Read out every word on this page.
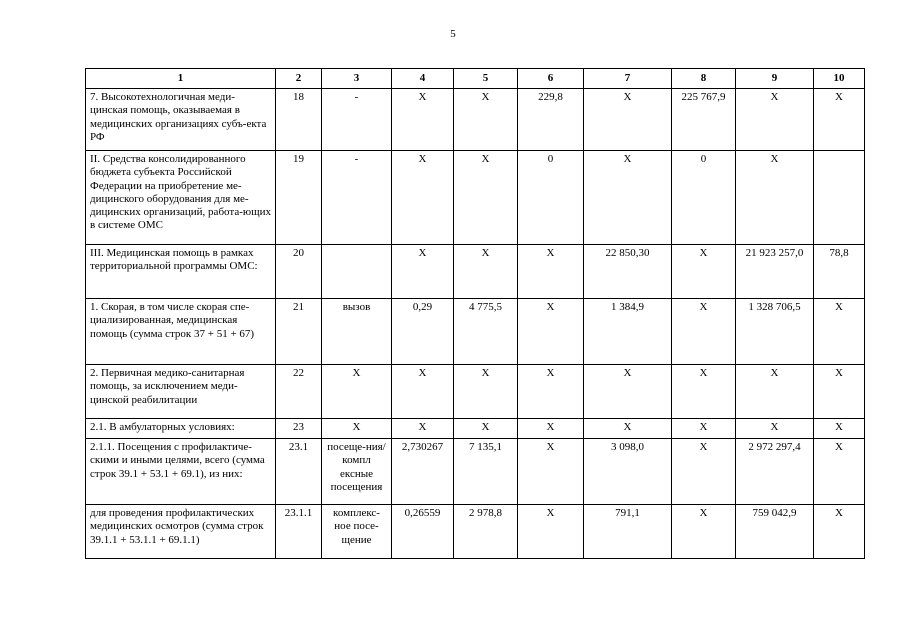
5
1	2	3	4	5	6	7	8	9	10
7. Высокотехнологичная меди-цинская помощь, оказываемая в медицинских организациях субъ-екта РФ	18	-	X	X	229,8	X	225 767,9	X	X
II. Средства консолидированного бюджета субъекта Российской Федерации на приобретение ме-дицинского оборудования для ме-дицинских организаций, работа-ющих в системе ОМС	19	-	X	X	0	X	0	X	
III. Медицинская помощь в рамках территориальной программы ОМС:	20		X	X	X	22 850,30	X	21 923 257,0	78,8
1. Скорая, в том числе скорая спе-циализированная, медицинская помощь (сумма строк 37 + 51 + 67)	21	вызов	0,29	4 775,5	X	1 384,9	X	1 328 706,5	X
2. Первичная медико-санитарная помощь, за исключением меди-цинской реабилитации	22	X	X	X	X	X	X	X	X
2.1. В амбулаторных условиях:	23	X	X	X	X	X	X	X	X
2.1.1. Посещения с профилактиче-скими и иными целями, всего (сумма строк 39.1 + 53.1 + 69.1), из них:	23.1	посеще-ния/компл ексные посещения	2,730267	7 135,1	X	3 098,0	X	2 972 297,4	X
для проведения профилактических медицинских осмотров (сумма строк 39.1.1 + 53.1.1 + 69.1.1)	23.1.1	комплекс-ное посе-щение	0,26559	2 978,8	X	791,1	X	759 042,9	X
